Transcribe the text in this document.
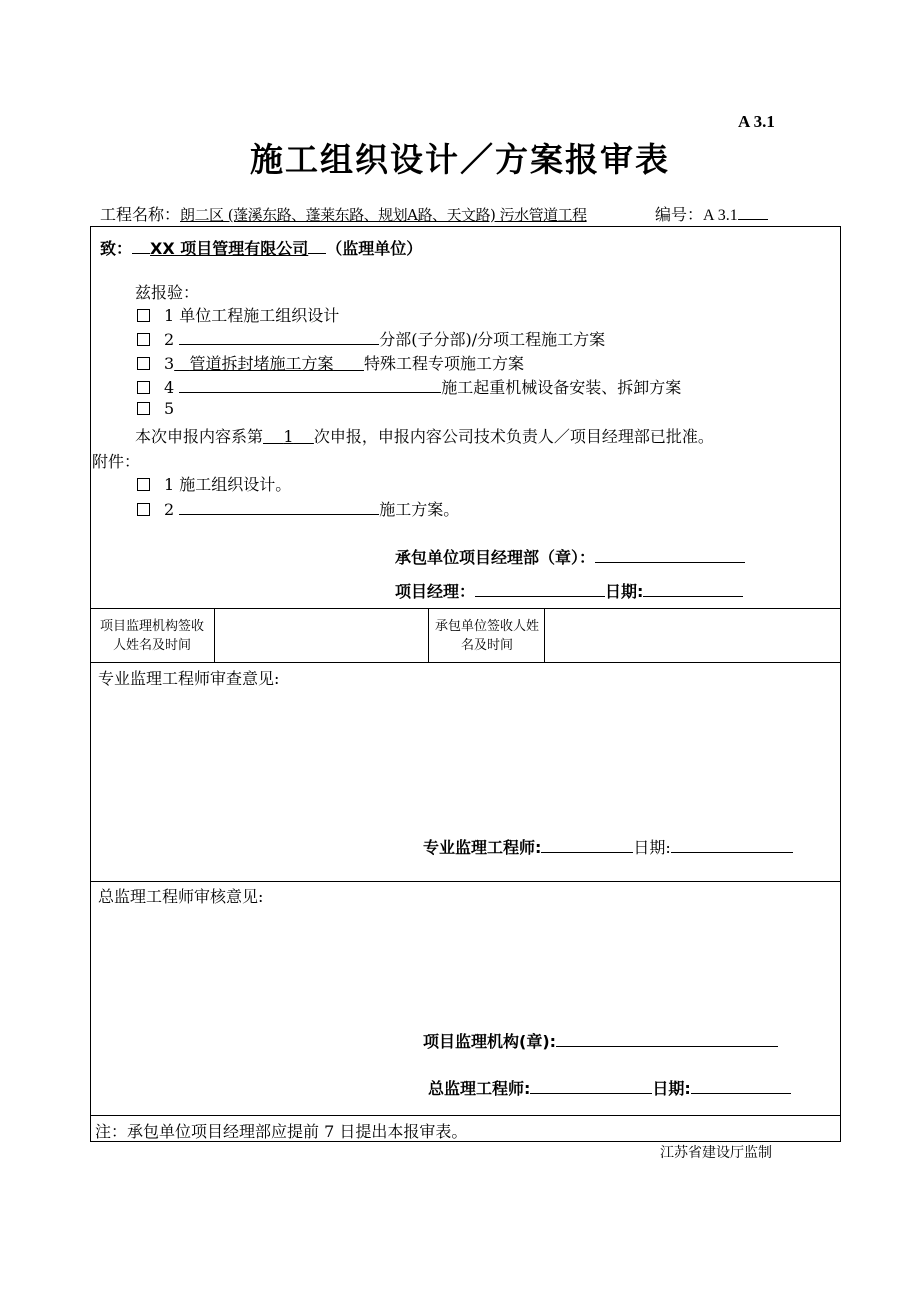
A 3.1
施工组织设计／方案报审表
工程名称：朗二区 (蓬溪东路、蓬莱东路、规划A路、天文路) 污水管道工程	编号：A 3.1
致： XX 项目管理有限公司 （监理单位）
兹报验：
1 单位工程施工组织设计
2	分部(子分部)/分项工程施工方案
3 管道拆封堵施工方案 特殊工程专项施工方案
4	施工起重机械设备安装、拆卸方案
5
本次申报内容系第 1 次申报，申报内容公司技术负责人／项目经理部已批准。
附件：
1 施工组织设计。
2	施工方案。
承包单位项目经理部（章）：
项目经理：	日期:
项目监理机构签收人姓名及时间
承包单位签收人姓名及时间
专业监理工程师审查意见:
专业监理工程师:	日期:
总监理工程师审核意见:
项目监理机构(章):
总监理工程师:	日期:
注：承包单位项目经理部应提前 7 日提出本报审表。
江苏省建设厅监制
